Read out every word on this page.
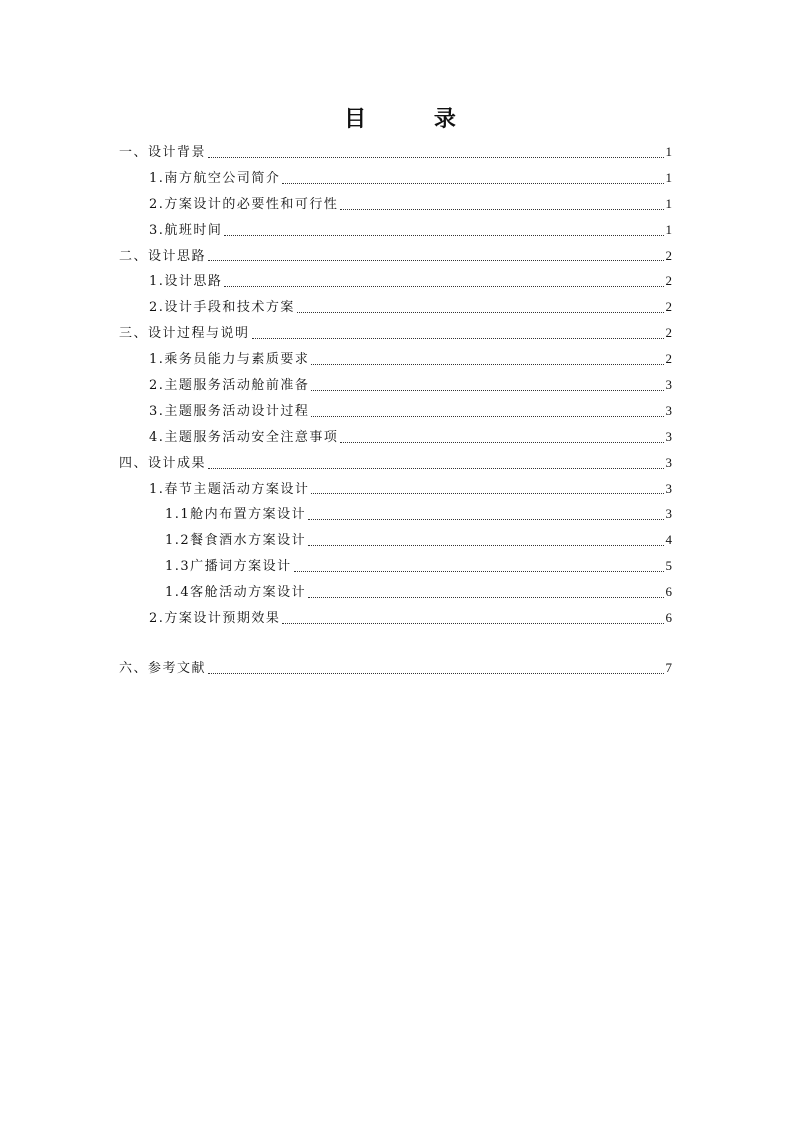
目 录
一、设计背景	1
1.南方航空公司简介	1
2.方案设计的必要性和可行性	1
3.航班时间	1
二、设计思路	2
1.设计思路	2
2.设计手段和技术方案	2
三、设计过程与说明	2
1.乘务员能力与素质要求	2
2.主题服务活动舱前准备	3
3.主题服务活动设计过程	3
4.主题服务活动安全注意事项	3
四、设计成果	3
1.春节主题活动方案设计	3
1.1舱内布置方案设计	3
1.2餐食酒水方案设计	4
1.3广播词方案设计	5
1.4客舱活动方案设计	6
2.方案设计预期效果	6
六、参考文献	7
